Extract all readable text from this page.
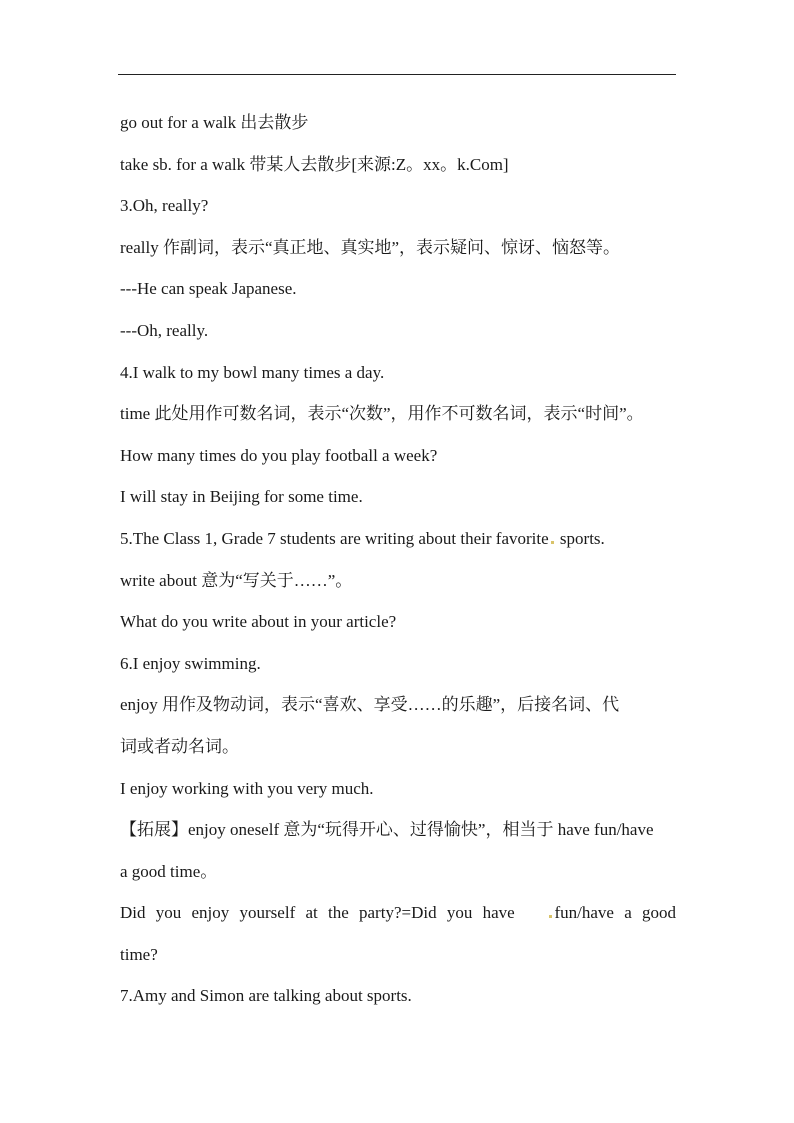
go out for a walk 出去散步
take sb. for a walk 带某人去散步[来源:Z。xx。k.Com]
3.Oh, really?
really 作副词，表示“真正地、真实地”，表示疑问、惊讶、恼怒等。
---He can speak Japanese.
---Oh, really.
4.I walk to my bowl many times a day.
time 此处用作可数名词，表示“次数”，用作不可数名词，表示“时间”。
How many times do you play football a week?
I will stay in Beijing for some time.
5.The Class 1, Grade 7 students are writing about their favorite sports.
write about 意为“写关于……”。
What do you write about in your article?
6.I enjoy swimming.
enjoy 用作及物动词，表示“喜欢、享受……的乐趣”，后接名词、代
词或者动名词。
I enjoy working with you very much.
【拓展】enjoy oneself 意为“玩得开心、过得愉快”，相当于 have fun/have
a good time。
Did you enjoy yourself at the party?=Did you have	fun/have a good
time?
7.Amy and Simon are talking about sports.
